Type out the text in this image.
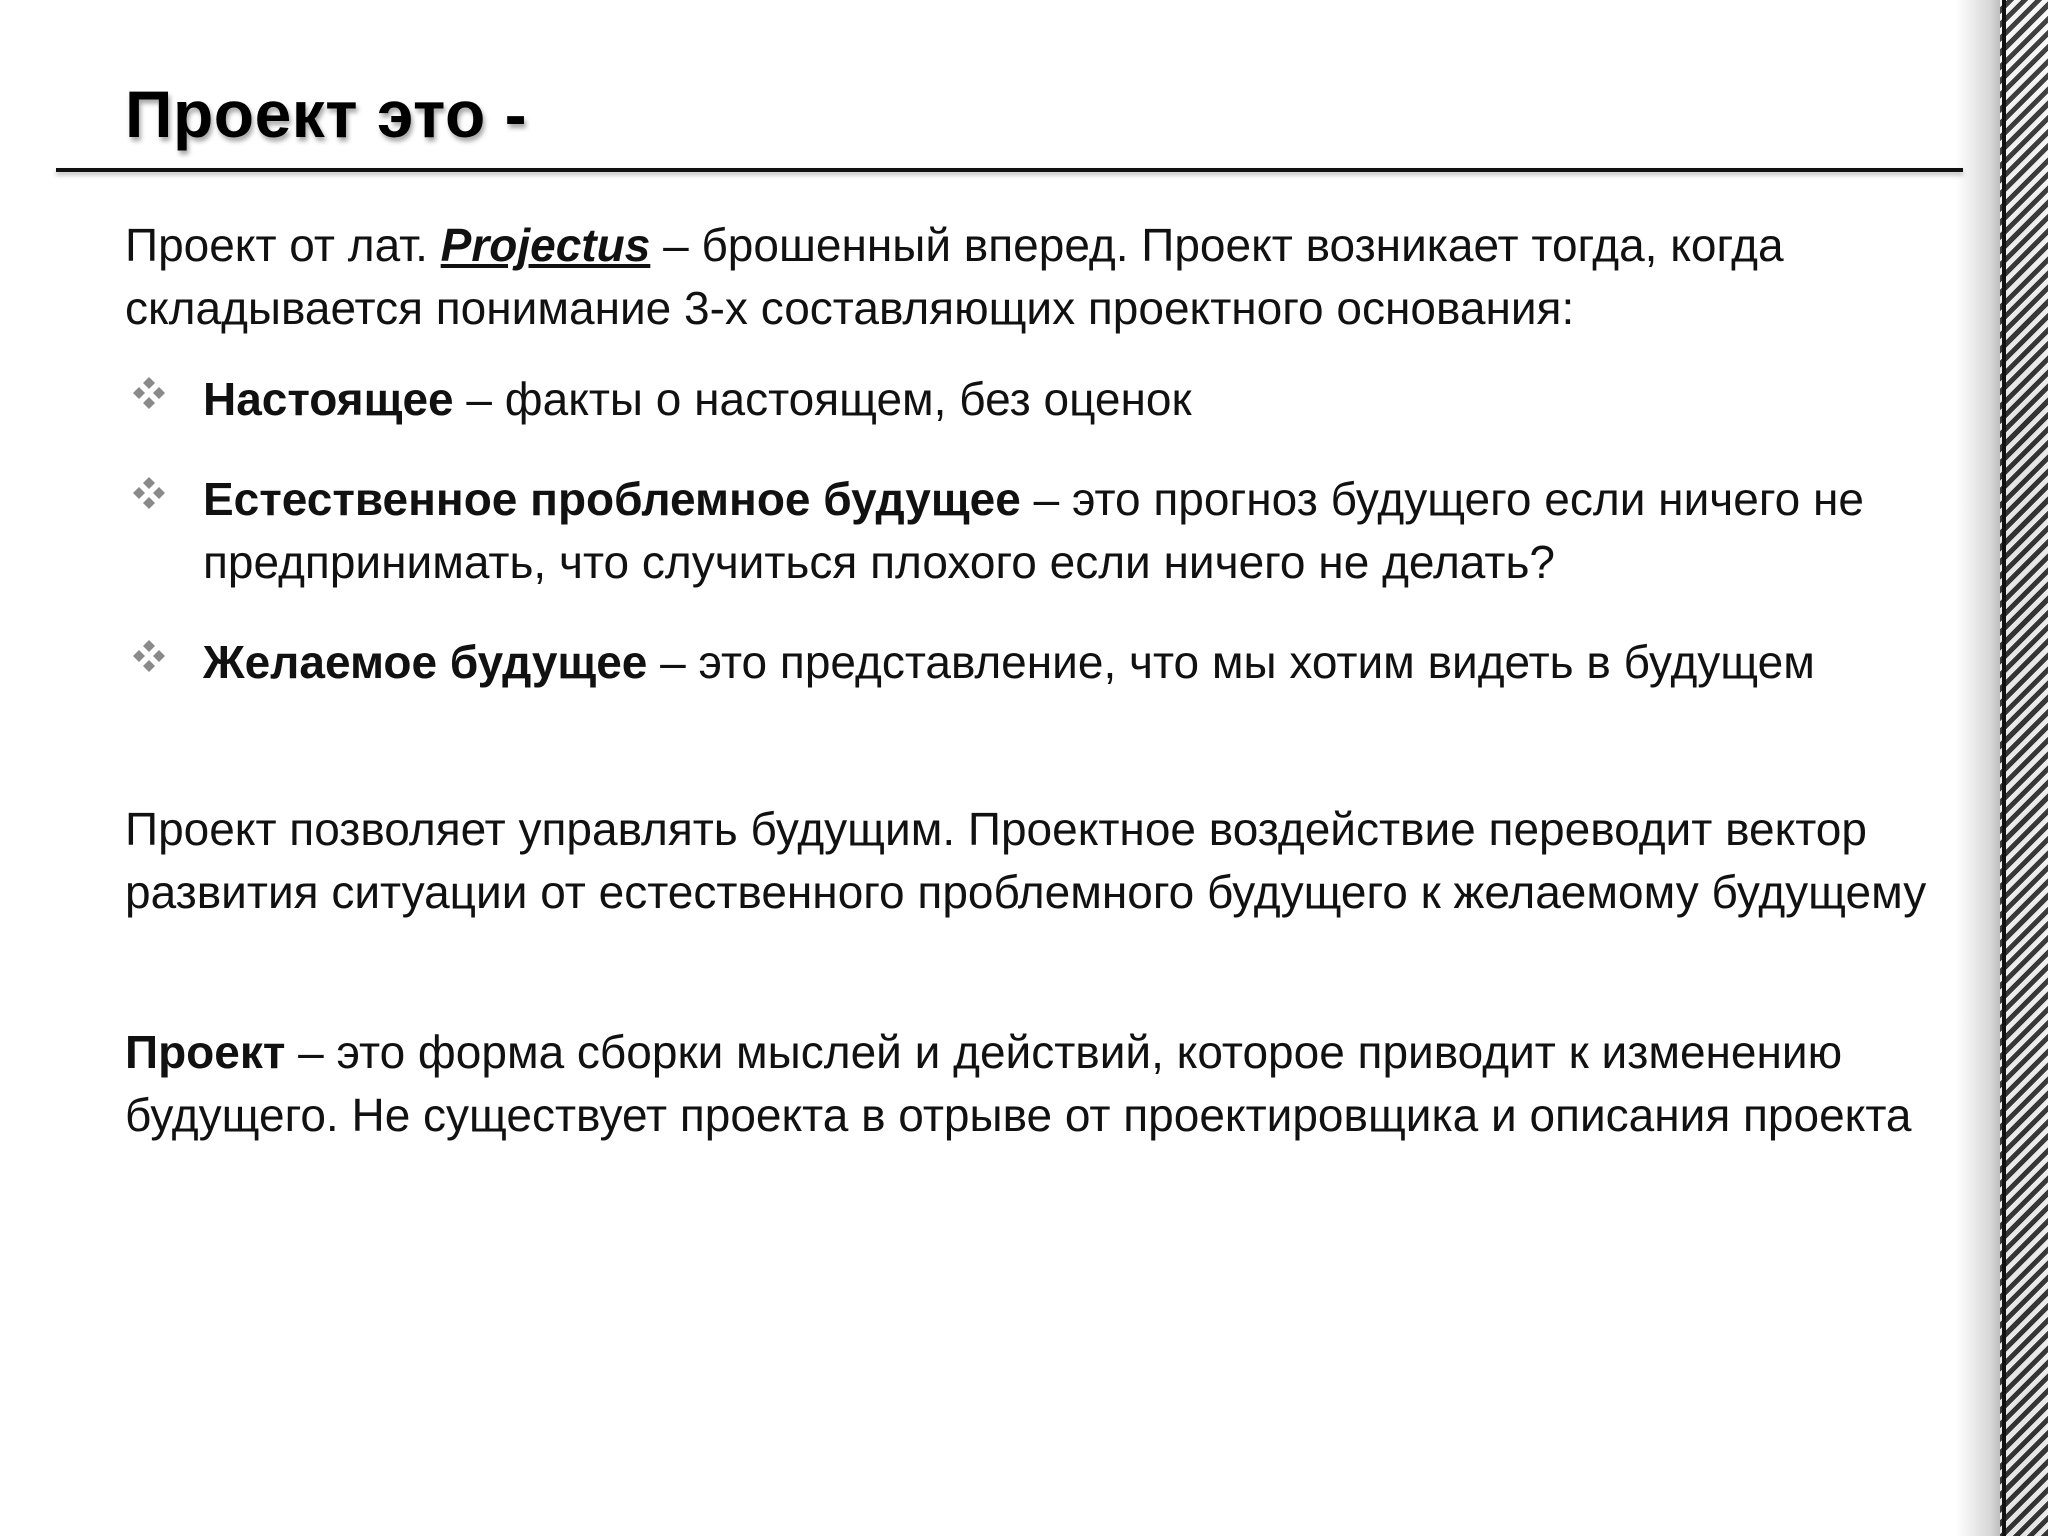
Проект это -

Проект от лат. Projectus – брошенный вперед. Проект возникает тогда, когда складывается понимание 3-х составляющих проектного основания:

Настоящее – факты о настоящем, без оценок
Естественное проблемное будущее – это прогноз будущего если ничего не предпринимать, что случиться плохого если ничего не делать?
Желаемое будущее – это представление, что мы хотим видеть в будущем

Проект позволяет управлять будущим. Проектное воздействие переводит вектор развития ситуации от естественного проблемного будущего к желаемому будущему

Проект – это форма сборки мыслей и действий, которое приводит к изменению будущего. Не существует проекта в отрыве от проектировщика и описания проекта
